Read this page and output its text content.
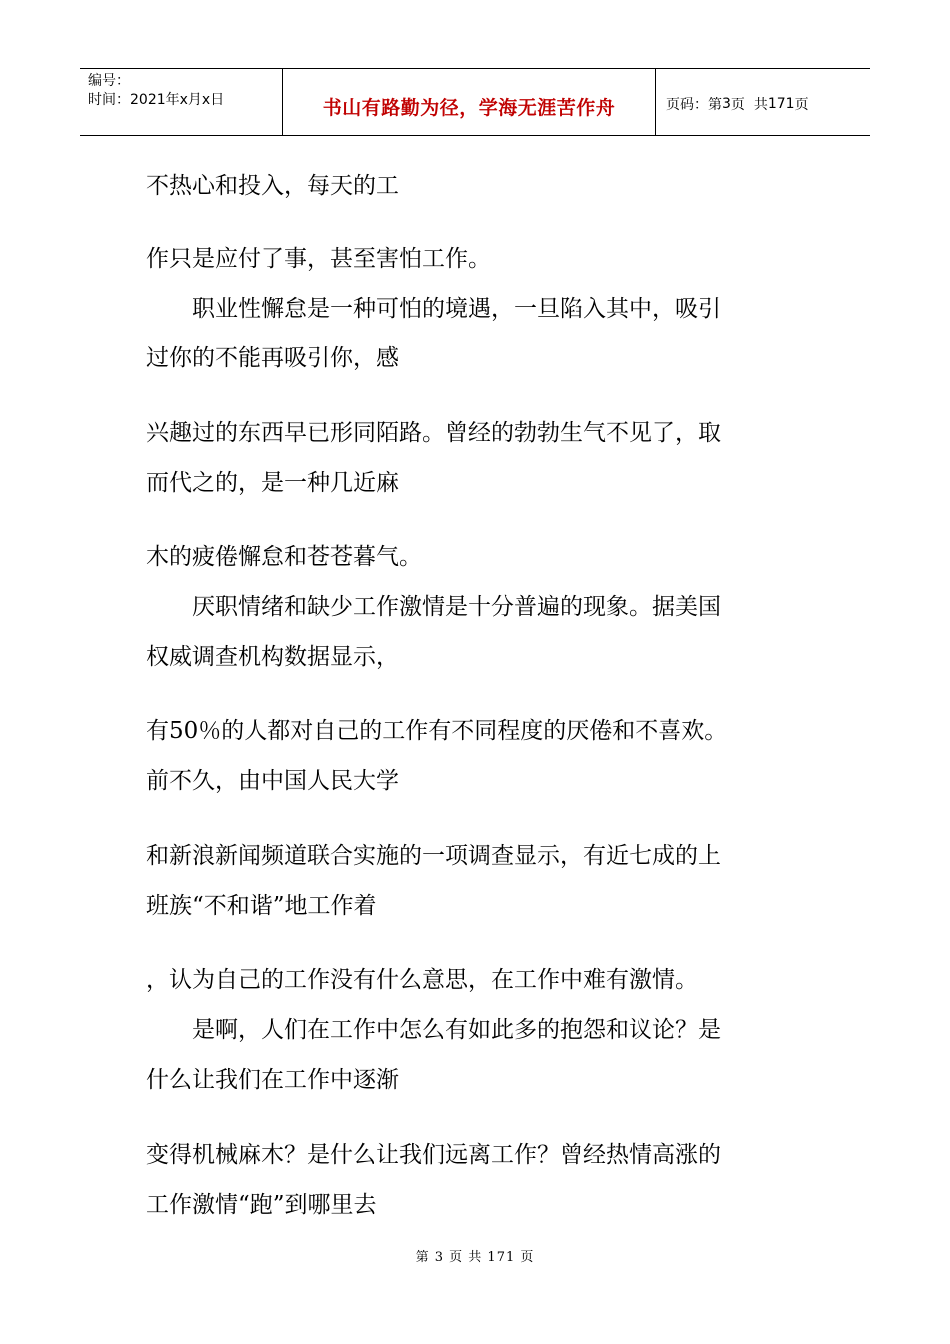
编号：
时间：2021年x月x日	书山有路勤为径，学海无涯苦作舟	页码：第 3 页  共 171 页

不热心和投入，每天的工

作只是应付了事，甚至害怕工作。

　　职业性懈怠是一种可怕的境遇，一旦陷入其中，吸引

过你的不能再吸引你，感

兴趣过的东西早已形同陌路。曾经的勃勃生气不见了，取

而代之的，是一种几近麻

木的疲倦懈怠和苍苍暮气。

　　厌职情绪和缺少工作激情是十分普遍的现象。据美国

权威调查机构数据显示，

有50％的人都对自己的工作有不同程度的厌倦和不喜欢。

前不久，由中国人民大学

和新浪新闻频道联合实施的一项调查显示，有近七成的上

班族“不和谐”地工作着

，认为自己的工作没有什么意思，在工作中难有激情。

　　是啊，人们在工作中怎么有如此多的抱怨和议论？是

什么让我们在工作中逐渐

变得机械麻木？是什么让我们远离工作？曾经热情高涨的

工作激情“跑”到哪里去

第 3 页 共 171 页
